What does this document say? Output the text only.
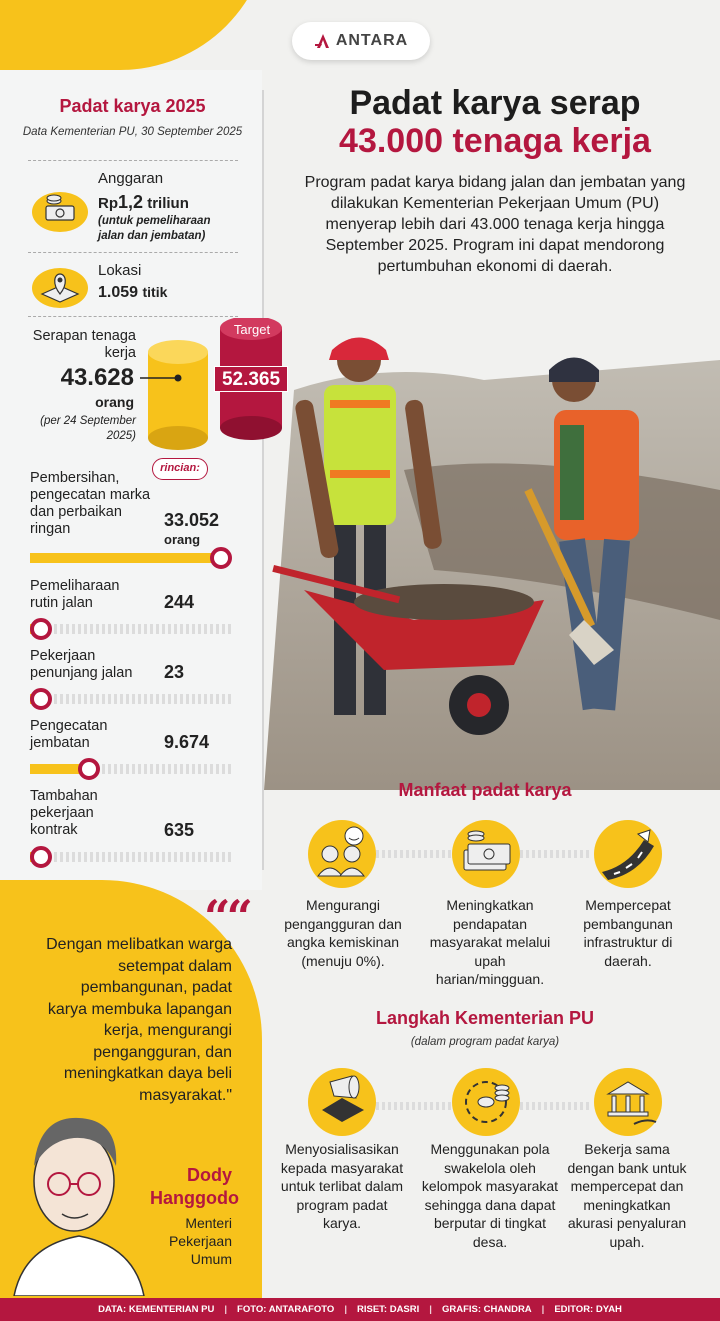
ANTARA
Padat karya serap
43.000 tenaga kerja
Program padat karya bidang jalan dan jembatan yang dilakukan Kementerian Pekerjaan Umum (PU) menyerap lebih dari 43.000 tenaga kerja hingga September 2025. Program ini dapat mendorong pertumbuhan ekonomi di daerah.
Padat karya 2025
Data Kementerian PU, 30 September 2025
Anggaran
Rp1,2 triliun
(untuk pemeliharaan jalan dan jembatan)
Lokasi
1.059 titik
Serapan tenaga kerja
43.628
orang
(per 24 September 2025)
Target
52.365
rincian:
Pembersihan, pengecatan marka dan perbaikan ringan	33.052
orang
Pemeliharaan rutin jalan	244
Pekerjaan penunjang jalan	23
Pengecatan jembatan	9.674
Tambahan pekerjaan kontrak	635
““
Dengan melibatkan warga setempat dalam pembangunan, padat karya membuka lapangan kerja, mengurangi pengangguran, dan meningkatkan daya beli masyarakat."
Dody
Hanggodo
Menteri Pekerjaan Umum
Manfaat padat karya
Mengurangi pengangguran dan angka kemiskinan (menuju 0%).
Meningkatkan pendapatan masyarakat melalui upah harian/mingguan.
Mempercepat pembangunan infrastruktur di daerah.
Langkah Kementerian PU
(dalam program padat karya)
Menyosialisasikan kepada masyarakat untuk terlibat dalam program padat karya.
Menggunakan pola swakelola oleh kelompok masyarakat sehingga dana dapat berputar di tingkat desa.
Bekerja sama dengan bank untuk mempercepat dan meningkatkan akurasi penyaluran upah.
DATA: KEMENTERIAN PU | FOTO: ANTARAFOTO | RISET: DASRI | GRAFIS: CHANDRA | EDITOR: DYAH
